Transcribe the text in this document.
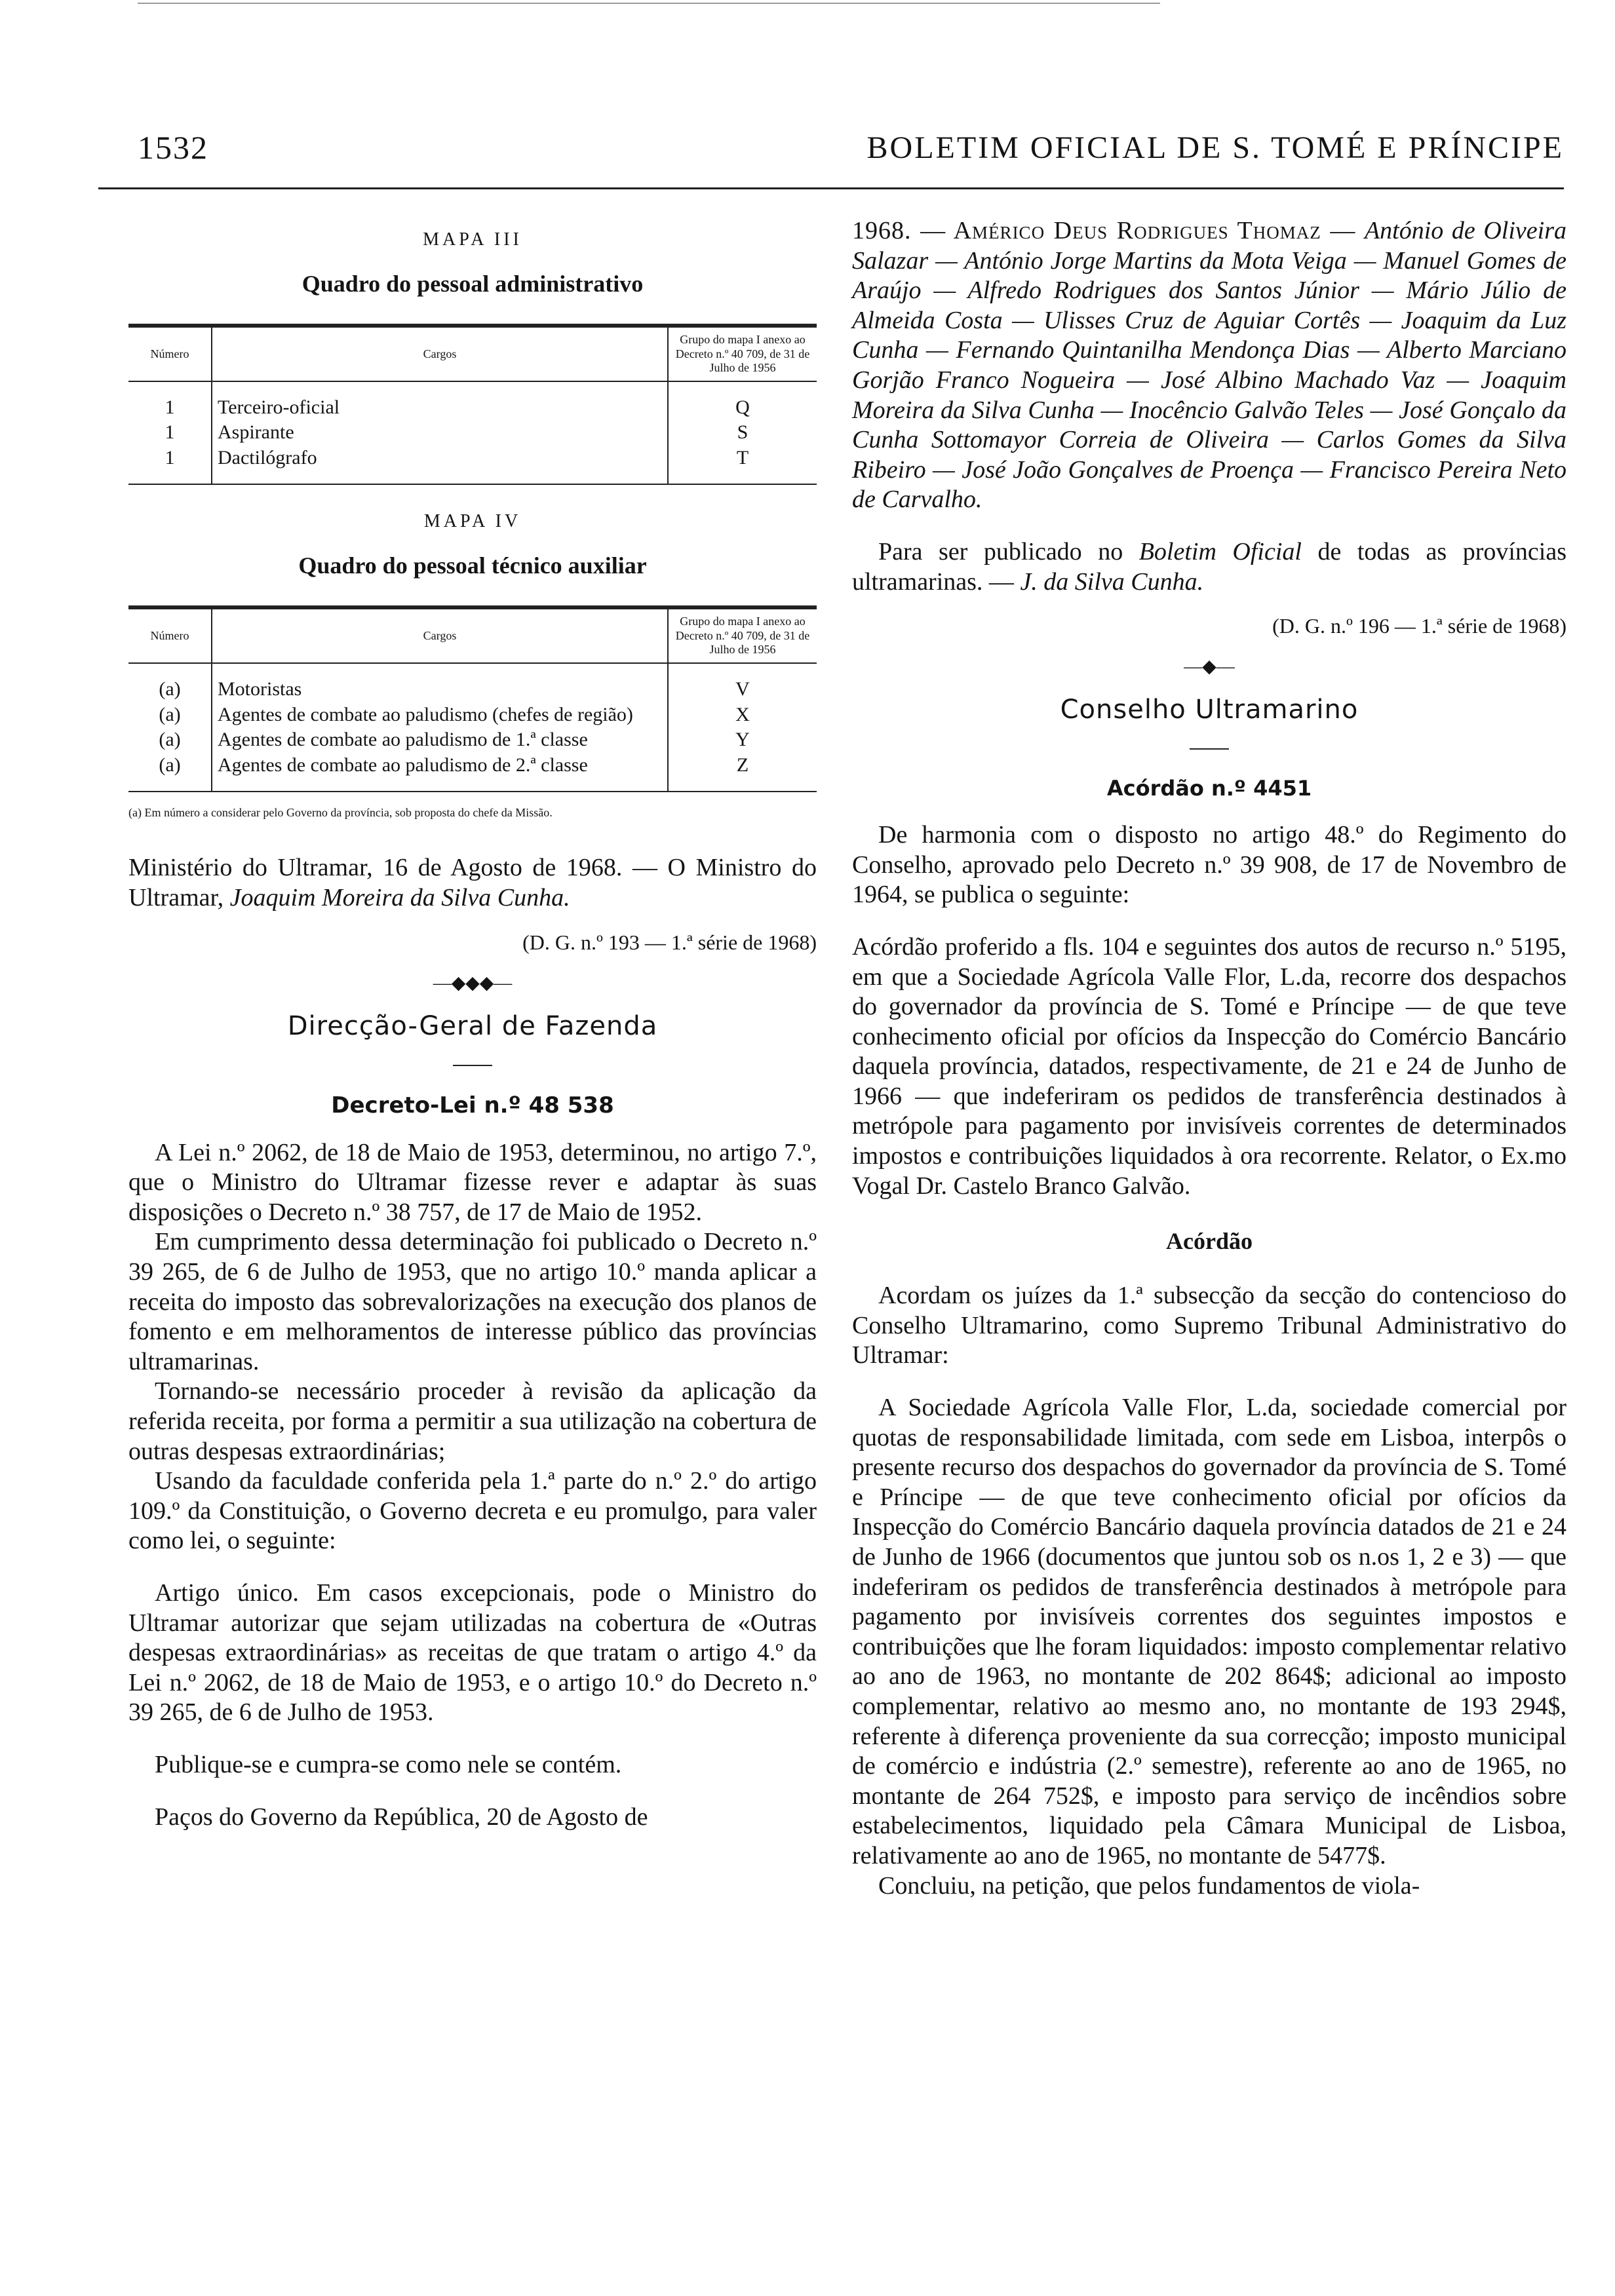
1532	BOLETIM OFICIAL DE S. TOMÉ E PRÍNCIPE
MAPA III
Quadro do pessoal administrativo
Número	Cargos	Grupo do mapa I anexo ao Decreto n.º 40 709, de 31 de Julho de 1956
1	Terceiro-oficial	Q
1	Aspirante	S
1	Dactilógrafo	T
MAPA IV
Quadro do pessoal técnico auxiliar
Número	Cargos	Grupo do mapa I anexo ao Decreto n.º 40 709, de 31 de Julho de 1956
(a)	Motoristas	V
(a)	Agentes de combate ao paludismo (chefes de região)	X
(a)	Agentes de combate ao paludismo de 1.ª classe	Y
(a)	Agentes de combate ao paludismo de 2.ª classe	Z
(a) Em número a considerar pelo Governo da província, sob proposta do chefe da Missão.

Ministério do Ultramar, 16 de Agosto de 1968. — O Ministro do Ultramar, Joaquim Moreira da Silva Cunha.

(D. G. n.º 193 — 1.ª série de 1968)
—◆◆◆—
Direcção-Geral de Fazenda
Decreto-Lei n.º 48 538

A Lei n.º 2062, de 18 de Maio de 1953, determinou, no artigo 7.º, que o Ministro do Ultramar fizesse rever e adaptar às suas disposições o Decreto n.º 38 757, de 17 de Maio de 1952.

Em cumprimento dessa determinação foi publicado o Decreto n.º 39 265, de 6 de Julho de 1953, que no artigo 10.º manda aplicar a receita do imposto das sobrevalorizações na execução dos planos de fomento e em melhoramentos de interesse público das províncias ultramarinas.

Tornando-se necessário proceder à revisão da aplicação da referida receita, por forma a permitir a sua utilização na cobertura de outras despesas extraordinárias;

Usando da faculdade conferida pela 1.ª parte do n.º 2.º do artigo 109.º da Constituição, o Governo decreta e eu promulgo, para valer como lei, o seguinte:

Artigo único. Em casos excepcionais, pode o Ministro do Ultramar autorizar que sejam utilizadas na cobertura de «Outras despesas extraordinárias» as receitas de que tratam o artigo 4.º da Lei n.º 2062, de 18 de Maio de 1953, e o artigo 10.º do Decreto n.º 39 265, de 6 de Julho de 1953.

Publique-se e cumpra-se como nele se contém.

Paços do Governo da República, 20 de Agosto de

1968. — Américo Deus Rodrigues Thomaz — António de Oliveira Salazar — António Jorge Martins da Mota Veiga — Manuel Gomes de Araújo — Alfredo Rodrigues dos Santos Júnior — Mário Júlio de Almeida Costa — Ulisses Cruz de Aguiar Cortês — Joaquim da Luz Cunha — Fernando Quintanilha Mendonça Dias — Alberto Marciano Gorjão Franco Nogueira — José Albino Machado Vaz — Joaquim Moreira da Silva Cunha — Inocêncio Galvão Teles — José Gonçalo da Cunha Sottomayor Correia de Oliveira — Carlos Gomes da Silva Ribeiro — José João Gonçalves de Proença — Francisco Pereira Neto de Carvalho.

Para ser publicado no Boletim Oficial de todas as províncias ultramarinas. — J. da Silva Cunha.

(D. G. n.º 196 — 1.ª série de 1968)
—◆—
Conselho Ultramarino
Acórdão n.º 4451

De harmonia com o disposto no artigo 48.º do Regimento do Conselho, aprovado pelo Decreto n.º 39 908, de 17 de Novembro de 1964, se publica o seguinte:

Acórdão proferido a fls. 104 e seguintes dos autos de recurso n.º 5195, em que a Sociedade Agrícola Valle Flor, L.da, recorre dos despachos do governador da província de S. Tomé e Príncipe — de que teve conhecimento oficial por ofícios da Inspecção do Comércio Bancário daquela província, datados, respectivamente, de 21 e 24 de Junho de 1966 — que indeferiram os pedidos de transferência destinados à metrópole para pagamento por invisíveis correntes de determinados impostos e contribuições liquidados à ora recorrente. Relator, o Ex.mo Vogal Dr. Castelo Branco Galvão.

Acórdão

Acordam os juízes da 1.ª subsecção da secção do contencioso do Conselho Ultramarino, como Supremo Tribunal Administrativo do Ultramar:

A Sociedade Agrícola Valle Flor, L.da, sociedade comercial por quotas de responsabilidade limitada, com sede em Lisboa, interpôs o presente recurso dos despachos do governador da província de S. Tomé e Príncipe — de que teve conhecimento oficial por ofícios da Inspecção do Comércio Bancário daquela província datados de 21 e 24 de Junho de 1966 (documentos que juntou sob os n.os 1, 2 e 3) — que indeferiram os pedidos de transferência destinados à metrópole para pagamento por invisíveis correntes dos seguintes impostos e contribuições que lhe foram liquidados: imposto complementar relativo ao ano de 1963, no montante de 202 864$; adicional ao imposto complementar, relativo ao mesmo ano, no montante de 193 294$, referente à diferença proveniente da sua correcção; imposto municipal de comércio e indústria (2.º semestre), referente ao ano de 1965, no montante de 264 752$, e imposto para serviço de incêndios sobre estabelecimentos, liquidado pela Câmara Municipal de Lisboa, relativamente ao ano de 1965, no montante de 5477$.

Concluiu, na petição, que pelos fundamentos de viola-
